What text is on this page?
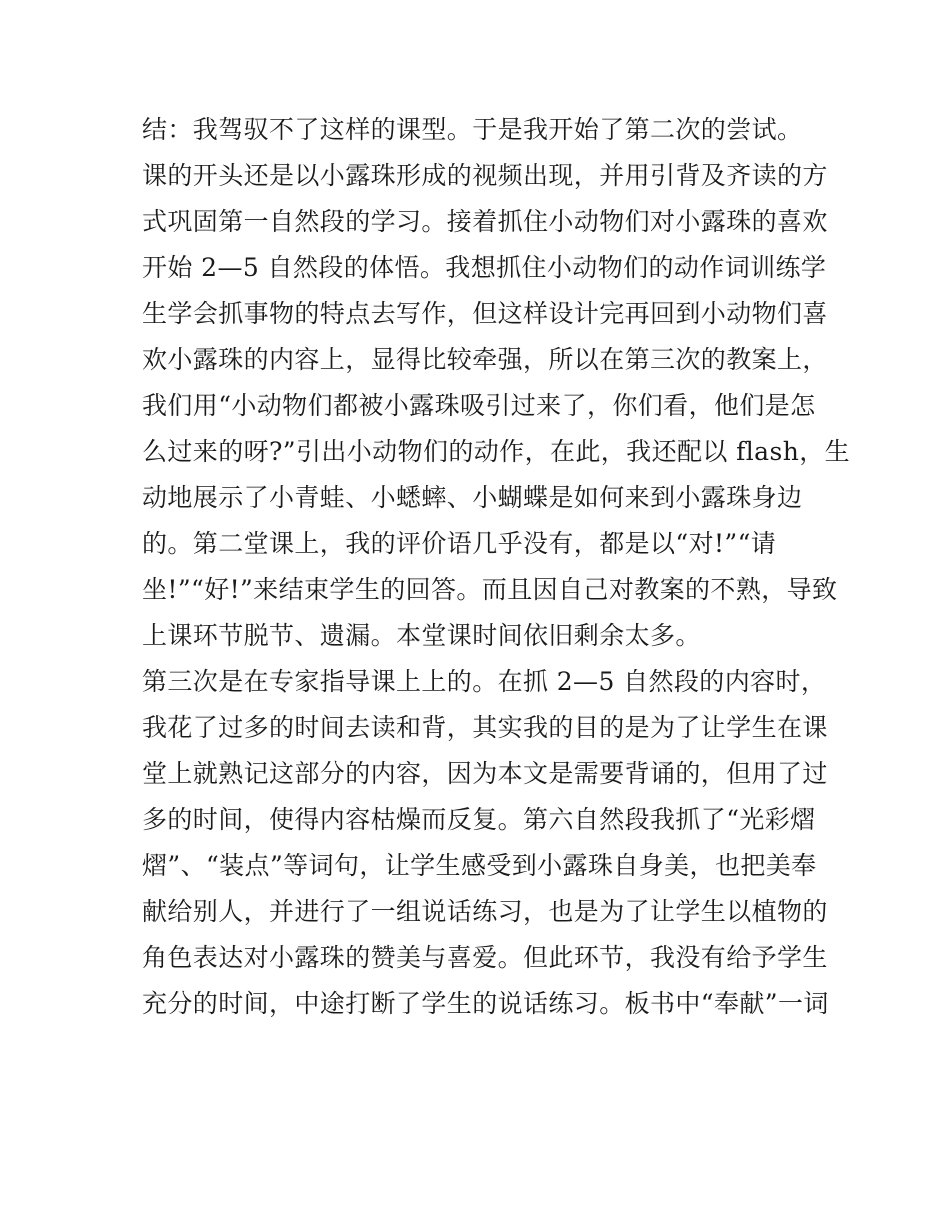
结：我驾驭不了这样的课型。于是我开始了第二次的尝试。
课的开头还是以小露珠形成的视频出现，并用引背及齐读的方
式巩固第一自然段的学习。接着抓住小动物们对小露珠的喜欢
开始 2—5 自然段的体悟。我想抓住小动物们的动作词训练学
生学会抓事物的特点去写作，但这样设计完再回到小动物们喜
欢小露珠的内容上，显得比较牵强，所以在第三次的教案上，
我们用“小动物们都被小露珠吸引过来了，你们看，他们是怎
么过来的呀?”引出小动物们的动作，在此，我还配以 flash，生
动地展示了小青蛙、小蟋蟀、小蝴蝶是如何来到小露珠身边
的。第二堂课上，我的评价语几乎没有，都是以“对!”“请
坐!”“好!”来结束学生的回答。而且因自己对教案的不熟，导致
上课环节脱节、遗漏。本堂课时间依旧剩余太多。
第三次是在专家指导课上上的。在抓 2—5 自然段的内容时，
我花了过多的时间去读和背，其实我的目的是为了让学生在课
堂上就熟记这部分的内容，因为本文是需要背诵的，但用了过
多的时间，使得内容枯燥而反复。第六自然段我抓了“光彩熠
熠”、“装点”等词句，让学生感受到小露珠自身美，也把美奉
献给别人，并进行了一组说话练习，也是为了让学生以植物的
角色表达对小露珠的赞美与喜爱。但此环节，我没有给予学生
充分的时间，中途打断了学生的说话练习。板书中“奉献”一词
